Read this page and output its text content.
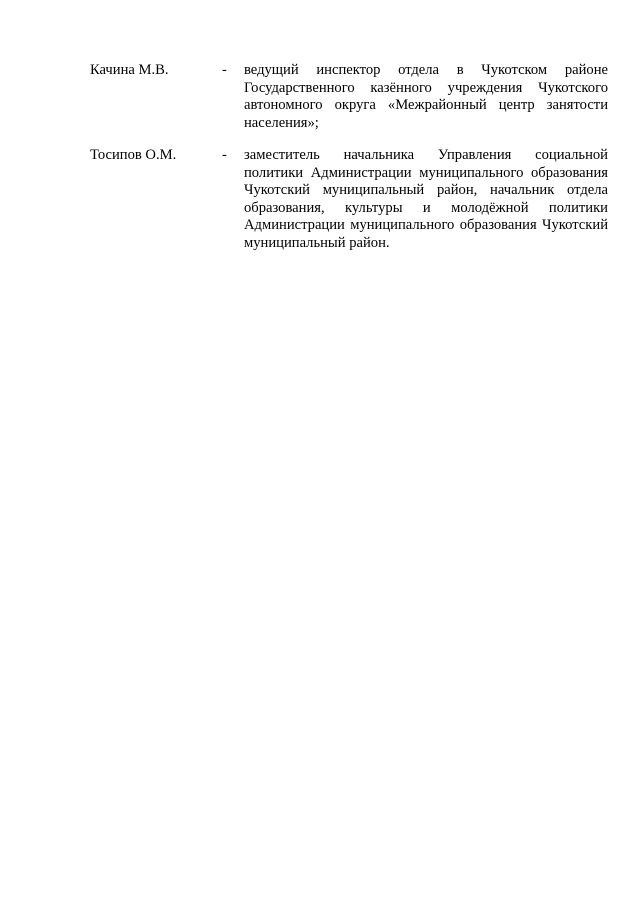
Качина М.В.	- ведущий инспектор отдела в Чукотском районе Государственного казённого учреждения Чукотского автономного округа «Межрайонный центр занятости населения»;
Тосипов О.М.	- заместитель начальника Управления социальной политики Администрации муниципального образования Чукотский муниципальный район, начальник отдела образования, культуры и молодёжной политики Администрации муниципального образования Чукотский муниципальный район.
